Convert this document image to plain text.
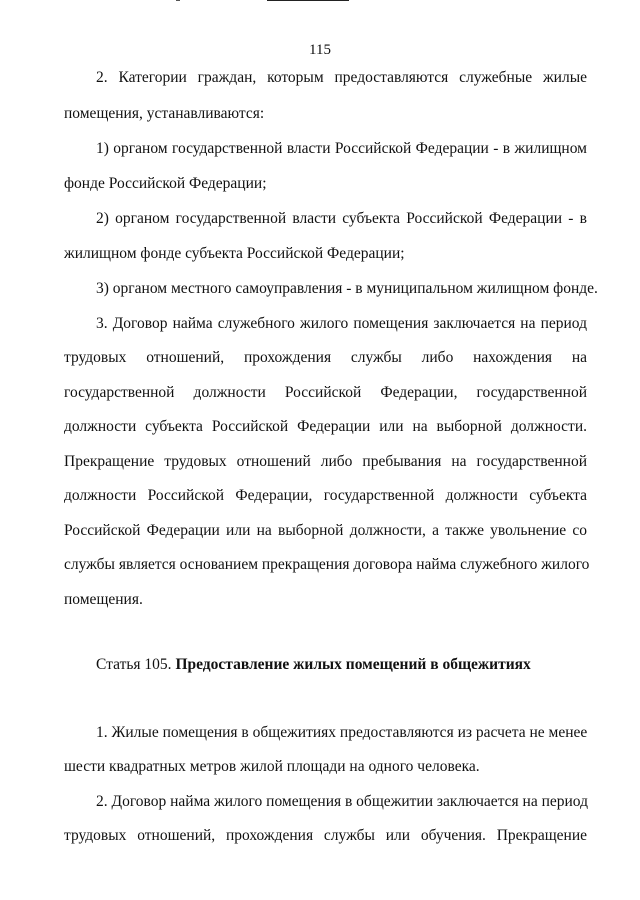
115
2. Категории граждан, которым предоставляются служебные жилые
помещения, устанавливаются:
1) органом государственной власти Российской Федерации - в жилищном
фонде Российской Федерации;
2) органом государственной власти субъекта Российской Федерации - в
жилищном фонде субъекта Российской Федерации;
3) органом местного самоуправления - в муниципальном жилищном фонде.
3. Договор найма служебного жилого помещения заключается на период
трудовых отношений, прохождения службы либо нахождения на
государственной должности Российской Федерации, государственной
должности субъекта Российской Федерации или на выборной должности.
Прекращение трудовых отношений либо пребывания на государственной
должности Российской Федерации, государственной должности субъекта
Российской Федерации или на выборной должности, а также увольнение со
службы является основанием прекращения договора найма служебного жилого
помещения.
Статья 105. Предоставление жилых помещений в общежитиях
1. Жилые помещения в общежитиях предоставляются из расчета не менее
шести квадратных метров жилой площади на одного человека.
2. Договор найма жилого помещения в общежитии заключается на период
трудовых отношений, прохождения службы или обучения. Прекращение
